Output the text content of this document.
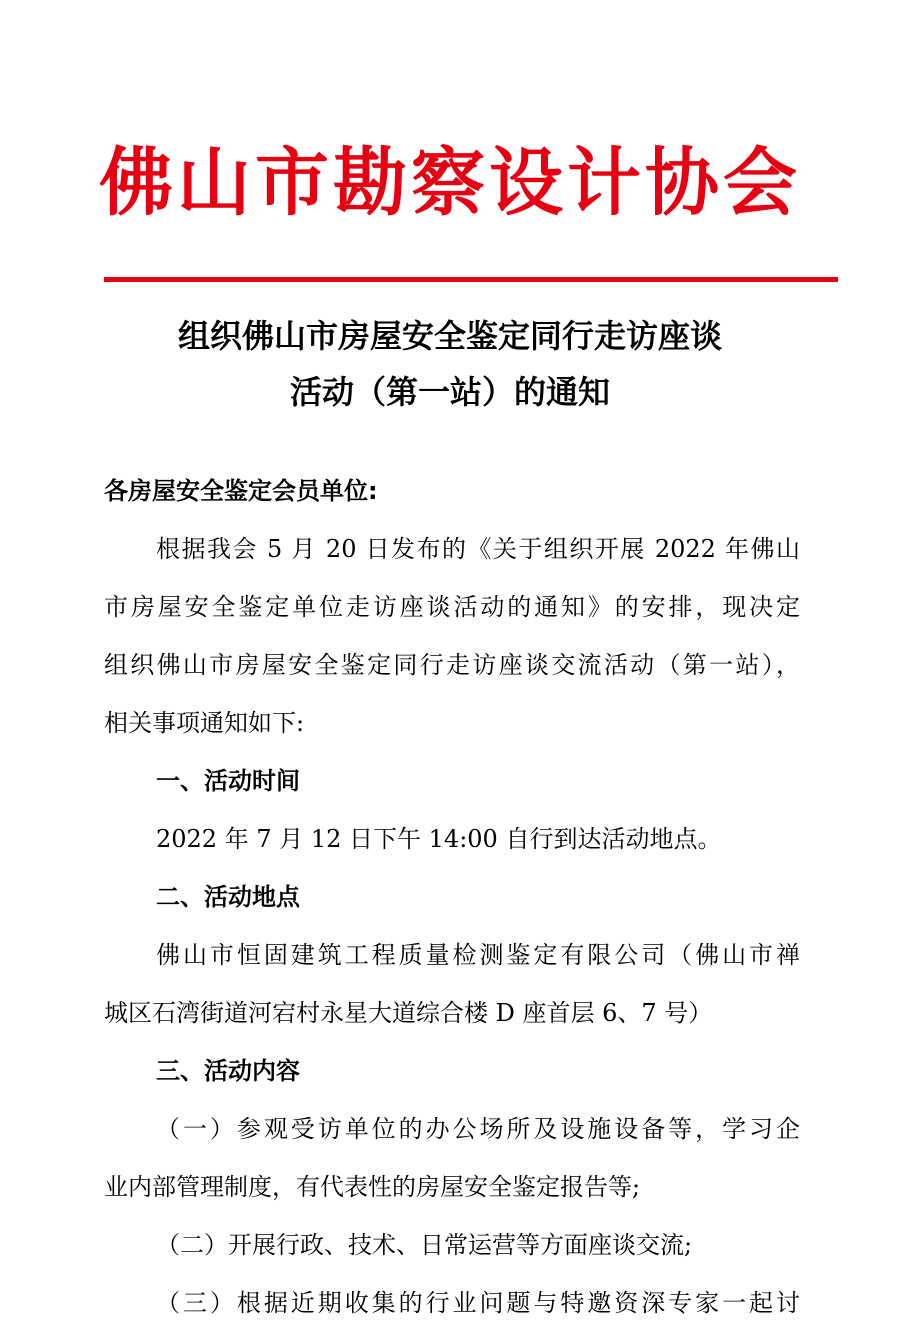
佛山市勘察设计协会
组织佛山市房屋安全鉴定同行走访座谈
活动（第一站）的通知
各房屋安全鉴定会员单位:
根据我会 5 月 20 日发布的《关于组织开展 2022 年佛山
市房屋安全鉴定单位走访座谈活动的通知》的安排，现决定
组织佛山市房屋安全鉴定同行走访座谈交流活动（第一站），
相关事项通知如下:
一、活动时间
2022 年 7 月 12 日下午 14:00 自行到达活动地点。
二、活动地点
佛山市恒固建筑工程质量检测鉴定有限公司（佛山市禅
城区石湾街道河宕村永星大道综合楼 D 座首层 6、7 号）
三、活动内容
（一）参观受访单位的办公场所及设施设备等，学习企
业内部管理制度，有代表性的房屋安全鉴定报告等;
（二）开展行政、技术、日常运营等方面座谈交流;
（三）根据近期收集的行业问题与特邀资深专家一起讨
